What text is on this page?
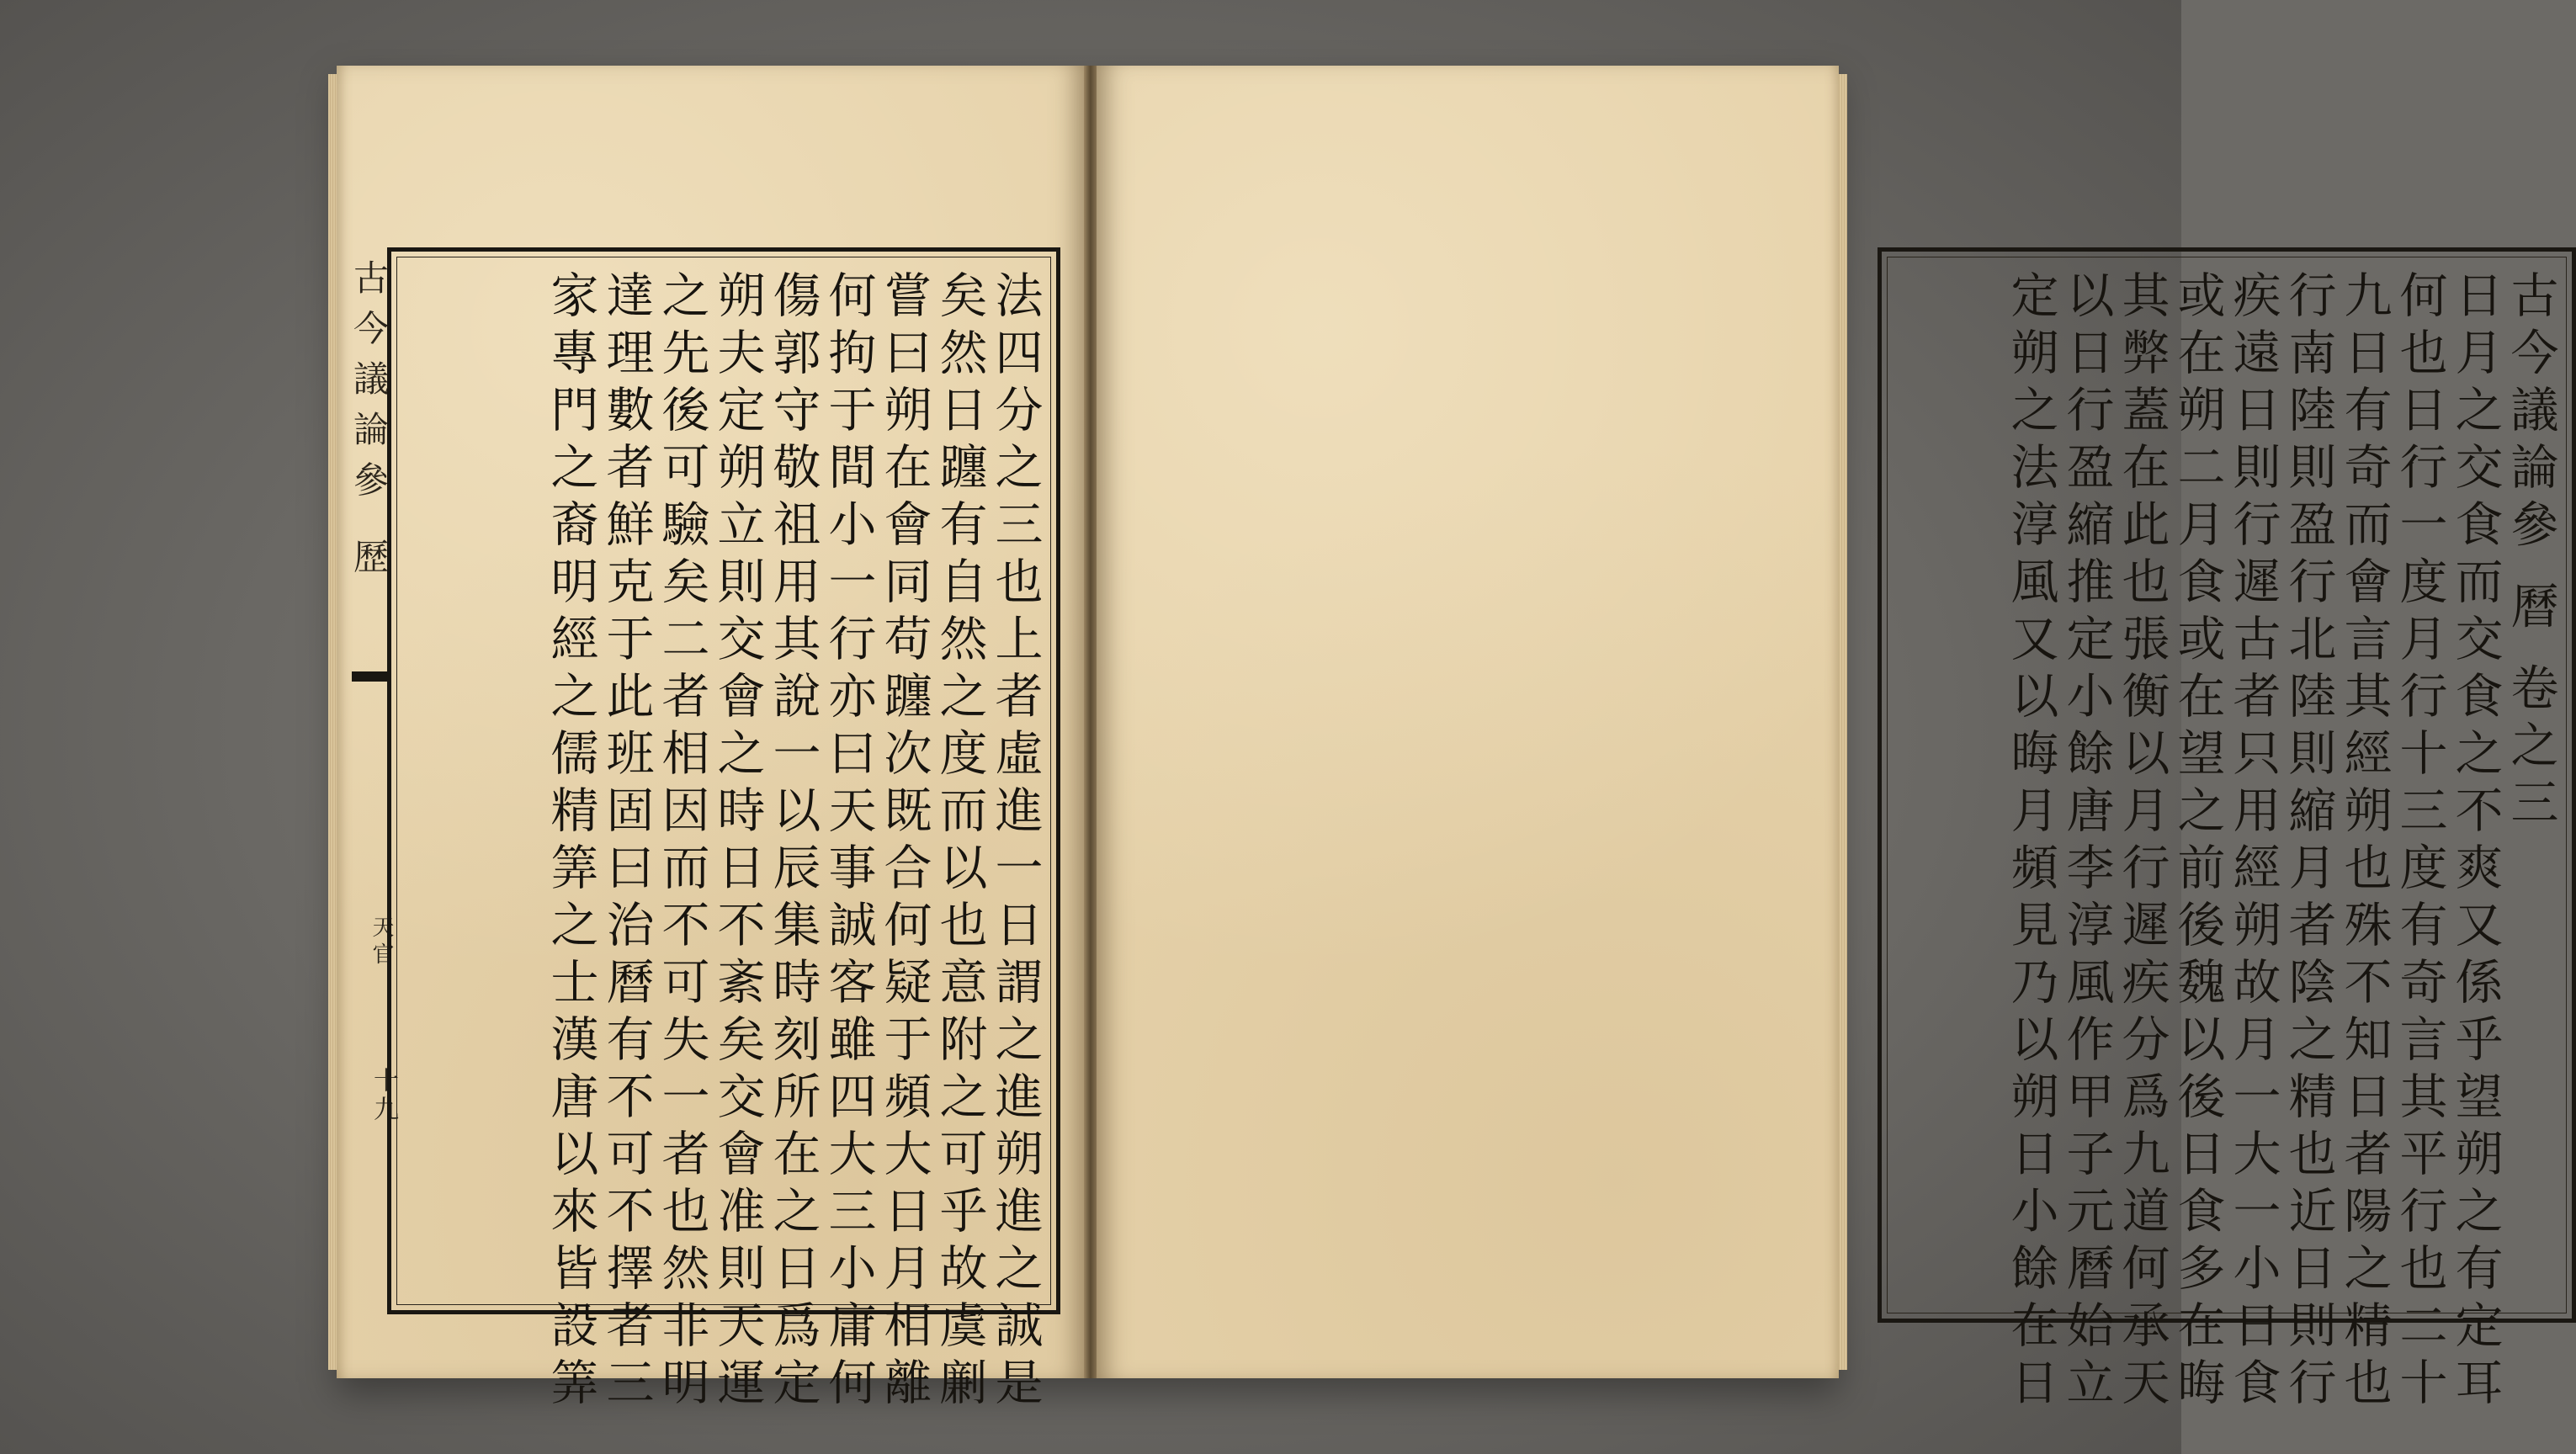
古今議論參 歷
天官
十九	法四分之三也上者虛進一日謂之進朔進之誠是
矣然日躔有自然之度而以也意附之可乎故虞劆
嘗曰朔在會同苟躔次既合何疑于頻大日月相離
何拘于間小一行亦曰天事誠客雖四大三小庸何
傷郭守敬祖用其說一以辰集時刻所在之日爲定
朔夫定朔立則交會之時日不紊矣交會准則天運
之先後可驗矣二者相因而不可失一者也然非明
達理數者鮮克于此班固曰治曆有不可不擇者三
家專門之裔明經之儒精筭之士漢唐以來皆設筭	古今議論參 曆 卷之三
日月之交食而交食之不爽又係乎望朔之有定耳
何也日行一度月行十三度有奇言其平行也二十
九日有奇而會言其經朔也殊不知日者陽之精也
行南陸則盈行北陸則縮月者陰之精也近日則行
疾遠日則行遲古者只用經朔故月一大一小日食
或在朔二月食或在望之前後魏以後日食多在晦
其弊蓋在此也張衡以月行遲疾分爲九道何承天
以日行盈縮推定小餘唐李淳風作甲子元曆始立
定朔之法淳風又以晦月頻見乃以朔日小餘在日
